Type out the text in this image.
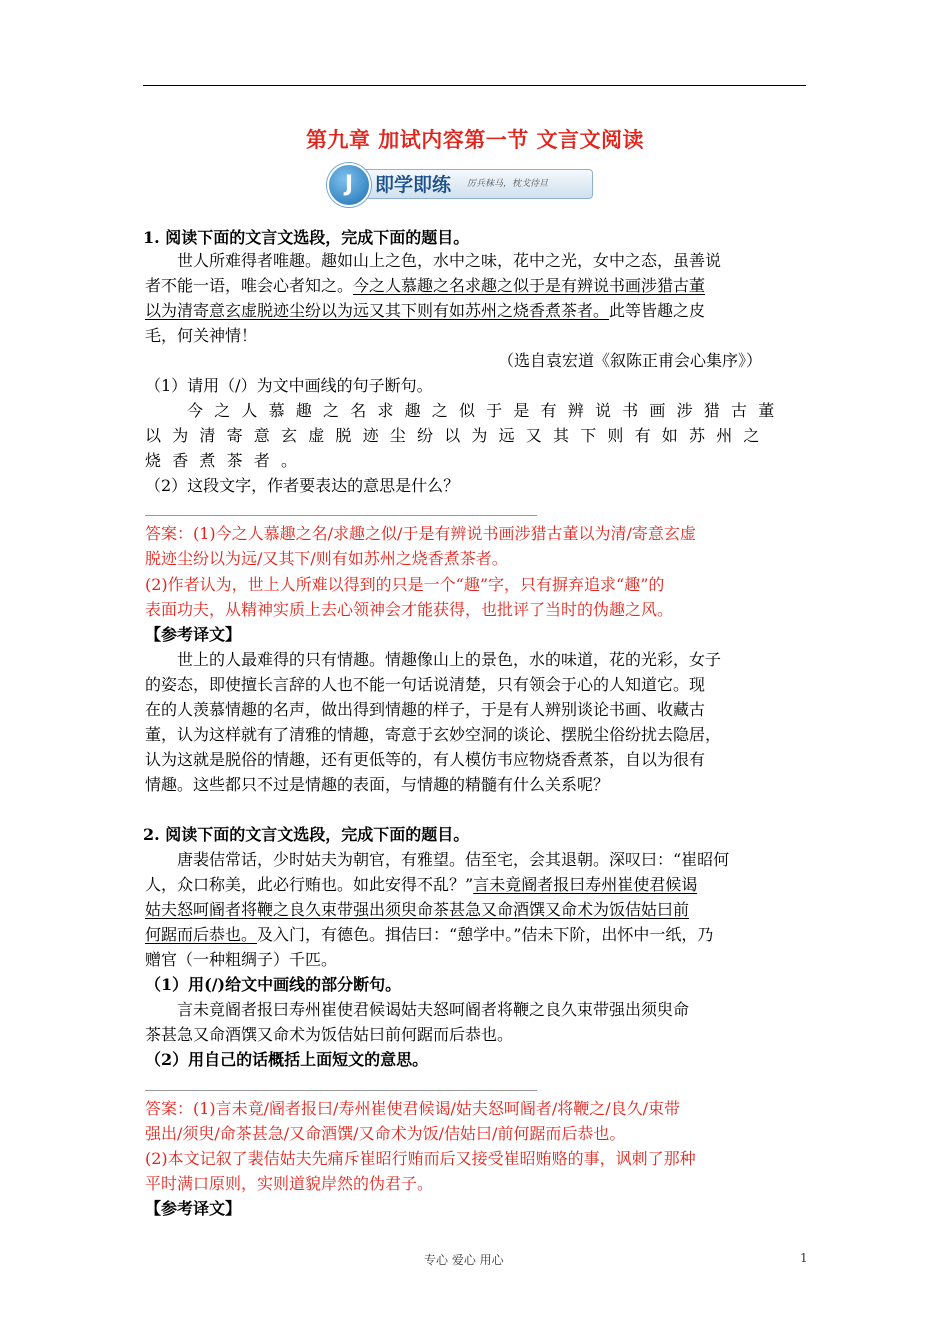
第九章 加试内容第一节 文言文阅读
J	即学即练 厉兵秣马，枕戈待旦
1. 阅读下面的文言文选段，完成下面的题目。
世人所难得者唯趣。趣如山上之色，水中之味，花中之光，女中之态，虽善说
者不能一语，唯会心者知之。今之人慕趣之名求趣之似于是有辨说书画涉猎古董
以为清寄意玄虚脱迹尘纷以为远又其下则有如苏州之烧香煮茶者。此等皆趣之皮
毛，何关神情！
（选自袁宏道《叙陈正甫会心集序》）
（1）请用（/）为文中画线的句子断句。
今之人慕趣之名求趣之似于是有辨说书画涉猎古董
以为清寄意玄虚脱迹尘纷以为远又其下则有如苏州之
烧香煮茶者。
（2）这段文字，作者要表达的意思是什么？
答案：(1)今之人慕趣之名/求趣之似/于是有辨说书画涉猎古董以为清/寄意玄虚
脱迹尘纷以为远/又其下/则有如苏州之烧香煮茶者。
(2)作者认为，世上人所难以得到的只是一个“趣”字，只有摒弃追求“趣”的
表面功夫，从精神实质上去心领神会才能获得，也批评了当时的伪趣之风。
【参考译文】
世上的人最难得的只有情趣。情趣像山上的景色，水的味道，花的光彩，女子
的姿态，即使擅长言辞的人也不能一句话说清楚，只有领会于心的人知道它。现
在的人羡慕情趣的名声，做出得到情趣的样子，于是有人辨别谈论书画、收藏古
董，认为这样就有了清雅的情趣，寄意于玄妙空洞的谈论、摆脱尘俗纷扰去隐居，
认为这就是脱俗的情趣，还有更低等的，有人模仿韦应物烧香煮茶，自以为很有
情趣。这些都只不过是情趣的表面，与情趣的精髓有什么关系呢？
2. 阅读下面的文言文选段，完成下面的题目。
唐裴佶常话，少时姑夫为朝官，有雅望。佶至宅，会其退朝。深叹曰：“崔昭何
人，众口称美，此必行贿也。如此安得不乱？”言未竟阍者报曰寿州崔使君候谒
姑夫怒呵阍者将鞭之良久束带强出须臾命茶甚急又命酒馔又命术为饭佶姑曰前
何踞而后恭也。及入门，有德色。揖佶曰：“憩学中。”佶未下阶，出怀中一纸，乃
赠官（一种粗绸子）千匹。
（1）用(/)给文中画线的部分断句。
言未竟阍者报曰寿州崔使君候谒姑夫怒呵阍者将鞭之良久束带强出须臾命
茶甚急又命酒馔又命术为饭佶姑曰前何踞而后恭也。
（2）用自己的话概括上面短文的意思。
答案：(1)言未竟/阍者报曰/寿州崔使君候谒/姑夫怒呵阍者/将鞭之/良久/束带
强出/须臾/命茶甚急/又命酒馔/又命术为饭/佶姑曰/前何踞而后恭也。
(2)本文记叙了裴佶姑夫先痛斥崔昭行贿而后又接受崔昭贿赂的事，讽刺了那种
平时满口原则，实则道貌岸然的伪君子。
【参考译文】
专心 爱心 用心	1
